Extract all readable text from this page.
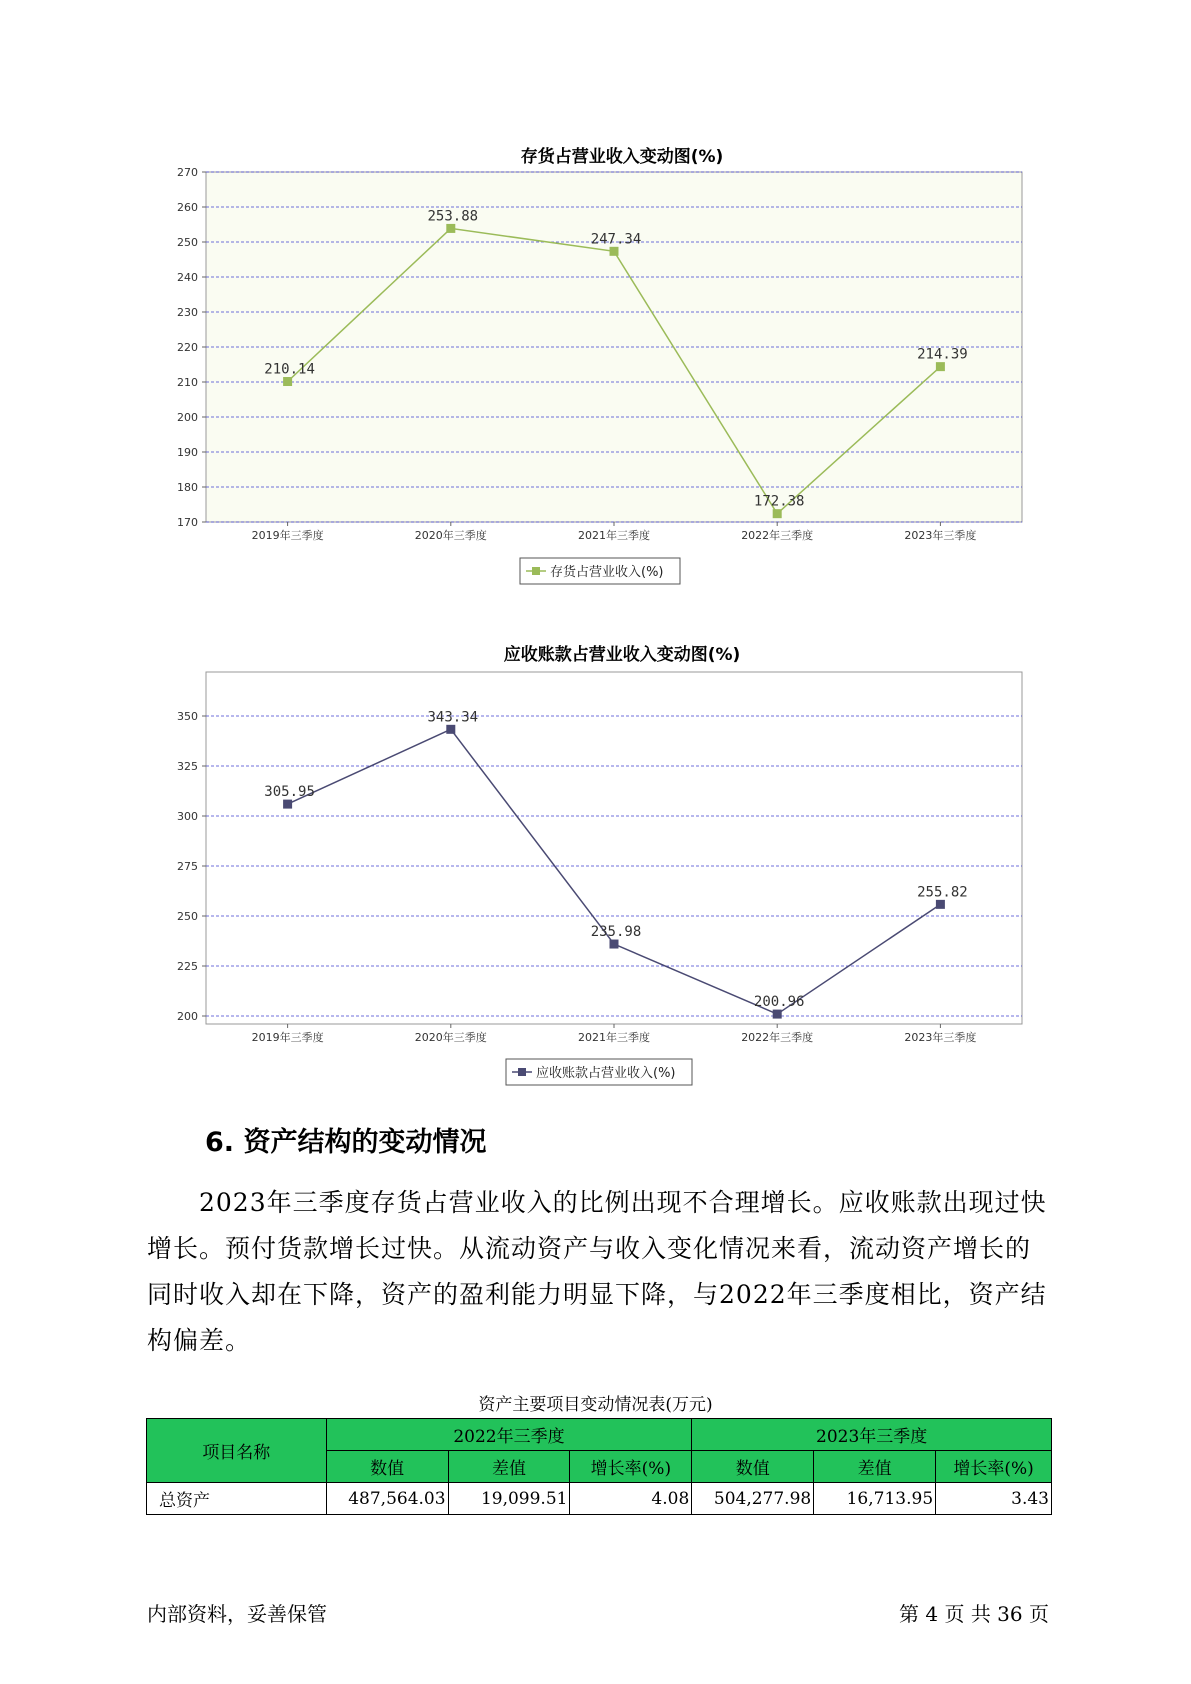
存货占营业收入变动图(%)
170
180
190
200
210
220
230
240
250
260
270
2019年三季度	2020年三季度	2021年三季度	2022年三季度	2023年三季度
210.14
253.88
247.34
172.38
214.39
存货占营业收入(%)
应收账款占营业收入变动图(%)
200
225
250
275
300
325
350
2019年三季度	2020年三季度	2021年三季度	2022年三季度	2023年三季度
305.95
343.34
235.98
200.96
255.82
应收账款占营业收入(%)
6. 资产结构的变动情况

2023年三季度存货占营业收入的比例出现不合理增长。应收账款出现过快增长。预付货款增长过快。从流动资产与收入变化情况来看，流动资产增长的同时收入却在下降，资产的盈利能力明显下降，与2022年三季度相比，资产结构偏差。

资产主要项目变动情况表(万元)
项目名称	2022年三季度			2023年三季度		
	数值	差值	增长率(%)	数值	差值	增长率(%)
总资产	487,564.03	19,099.51	4.08	504,277.98	16,713.95	3.43
内部资料，妥善保管	第 4 页 共 36 页
